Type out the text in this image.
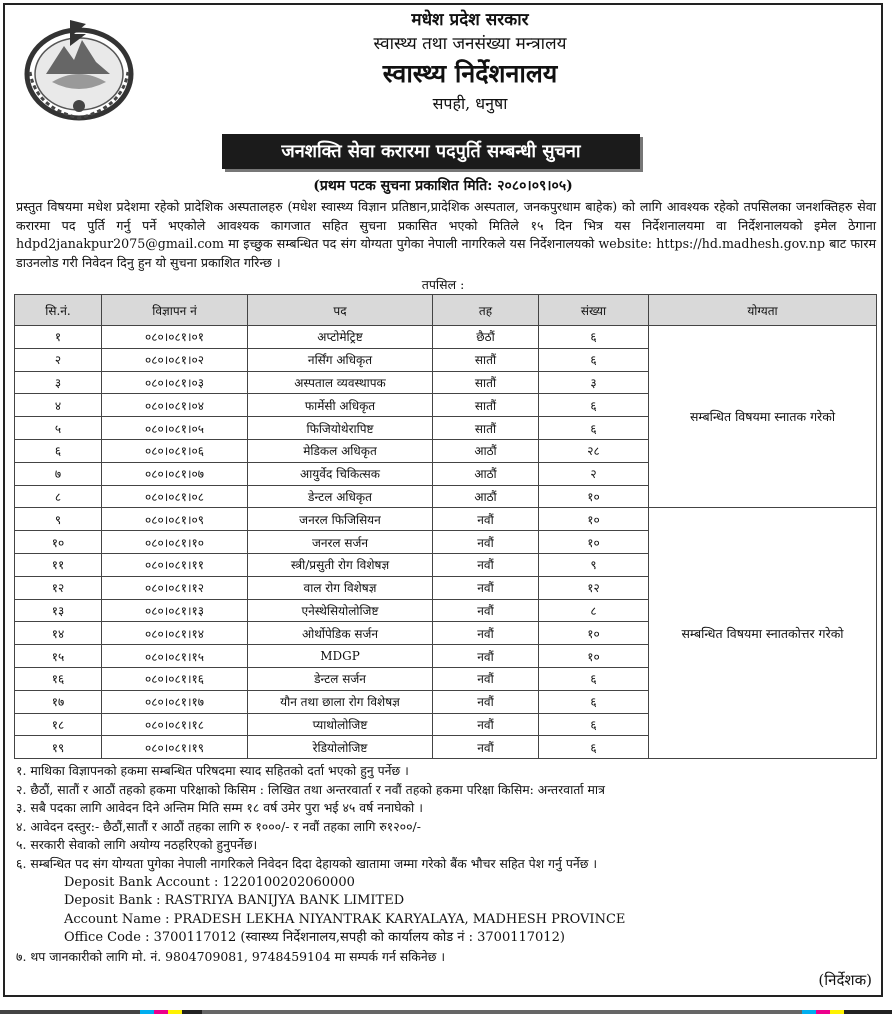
मधेश प्रदेश सरकार
स्वास्थ्य तथा जनसंख्या मन्त्रालय
स्वास्थ्य निर्देशनालय
सपही, धनुषा
जनशक्ति सेवा करारमा पदपुर्ति सम्बन्धी सुचना
(प्रथम पटक सुचना प्रकाशित मिति: २०८०।०९।०५)

प्रस्तुत विषयमा मधेश प्रदेशमा रहेको प्रादेशिक अस्पतालहरु (मधेश स्वास्थ्य विज्ञान प्रतिष्ठान,प्रादेशिक अस्पताल, जनकपुरधाम बाहेक) को लागि आवश्यक रहेको तपसिलका जनशक्तिहरु सेवा करारमा पद पुर्ति गर्नु पर्ने भएकोले आवश्यक कागजात सहित सुचना प्रकासित भएको मितिले १५ दिन भित्र यस निर्देशनालयमा वा निर्देशनालयको इमेल ठेगाना hdpd2janakpur2075@gmail.com मा इच्छुक सम्बन्धित पद संग योग्यता पुगेका नेपाली नागरिकले यस निर्देशनालयको website: https://hd.madhesh.gov.np बाट फारम डाउनलोड गरी निवेदन दिनु हुन यो सुचना प्रकाशित गरिन्छ ।

तपसिल :
सि.नं.	विज्ञापन नं	पद	तह	संख्या	योग्यता
१	०८०।०८१।०१	अप्टोमेट्रिष्ट	छैठौं	६	सम्बन्धित विषयमा स्नातक गरेको
२	०८०।०८१।०२	नर्सिंग अधिकृत	सातौं	६	
३	०८०।०८१।०३	अस्पताल व्यवस्थापक	सातौं	३	
४	०८०।०८१।०४	फार्मेसी अधिकृत	सातौं	६	
५	०८०।०८१।०५	फिजियोथेरापिष्ट	सातौं	६	
६	०८०।०८१।०६	मेडिकल अधिकृत	आठौं	२८	
७	०८०।०८१।०७	आयुर्वेद चिकित्सक	आठौं	२	
८	०८०।०८१।०८	डेन्टल अधिकृत	आठौं	१०	
९	०८०।०८१।०९	जनरल फिजिसियन	नवौं	१०	सम्बन्धित विषयमा स्नातकोत्तर गरेको
१०	०८०।०८१।१०	जनरल सर्जन	नवौं	१०	
११	०८०।०८१।११	स्त्री/प्रसुती रोग विशेषज्ञ	नवौं	९	
१२	०८०।०८१।१२	वाल रोग विशेषज्ञ	नवौं	१२	
१३	०८०।०८१।१३	एनेस्थेसियोलोजिष्ट	नवौं	८	
१४	०८०।०८१।१४	ओर्थोपेडिक सर्जन	नवौं	१०	
१५	०८०।०८१।१५	MDGP	नवौं	१०	
१६	०८०।०८१।१६	डेन्टल सर्जन	नवौं	६	
१७	०८०।०८१।१७	यौन तथा छाला रोग विशेषज्ञ	नवौं	६	
१८	०८०।०८१।१८	प्याथोलोजिष्ट	नवौं	६	
१९	०८०।०८१।१९	रेडियोलोजिष्ट	नवौं	६	
१. माथिका विज्ञापनको हकमा सम्बन्धित परिषदमा स्याद सहितको दर्ता भएको हुनु पर्नेछ ।
२. छैठौं, सातौं र आठौं तहको हकमा परिक्षाको किसिम : लिखित तथा अन्तरवार्ता र नवौं तहको हकमा परिक्षा किसिम: अन्तरवार्ता मात्र
३. सबै पदका लागि आवेदन दिने अन्तिम मिति सम्म १८ वर्ष उमेर पुरा भई ४५ वर्ष ननाघेको ।
४. आवेदन दस्तुर:- छैठौं,सातौं र आठौं तहका लागि रु १०००/- र नवौं तहका लागि रु१२००/-
५. सरकारी सेवाको लागि अयोग्य नठहरिएको हुनुपर्नेछ।
६. सम्बन्धित पद संग योग्यता पुगेका नेपाली नागरिकले निवेदन दिदा देहायको खातामा जम्मा गरेको बैंक भौचर सहित पेश गर्नु पर्नेछ ।
Deposit Bank Account : 1220100202060000
Deposit Bank : RASTRIYA BANIJYA BANK LIMITED
Account Name : PRADESH LEKHA NIYANTRAK KARYALAYA, MADHESH PROVINCE
Office Code : 3700117012 (स्वास्थ्य निर्देशनालय,सपही को कार्यालय कोड नं : 3700117012)
७. थप जानकारीको लागि मो. नं. 9804709081, 9748459104 मा सम्पर्क गर्न सकिनेछ ।
(निर्देशक)
